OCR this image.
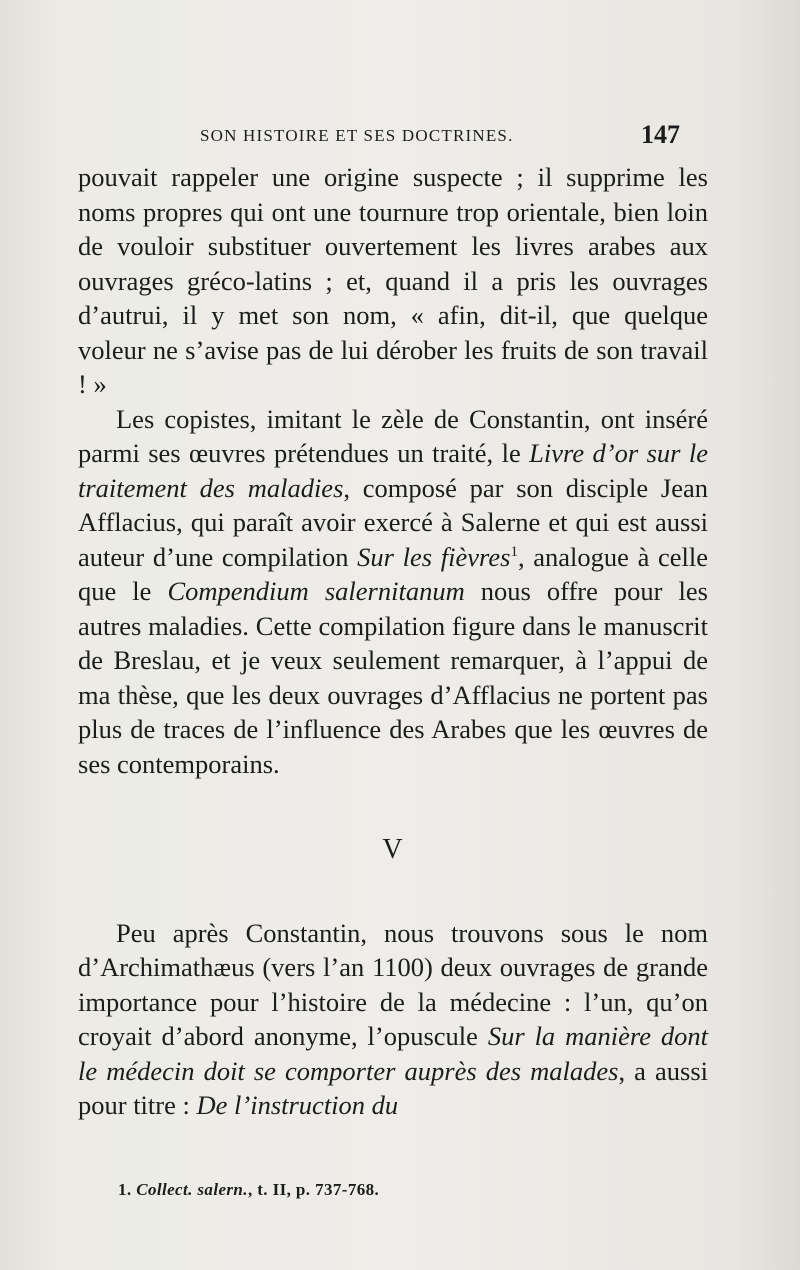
SON HISTOIRE ET SES DOCTRINES.	147

pouvait rappeler une origine suspecte ; il supprime les noms propres qui ont une tournure trop orientale, bien loin de vouloir substituer ouvertement les livres arabes aux ouvrages gréco-latins ; et, quand il a pris les ouvrages d’autrui, il y met son nom, « afin, dit-il, que quelque voleur ne s’avise pas de lui dérober les fruits de son travail ! »

Les copistes, imitant le zèle de Constantin, ont inséré parmi ses œuvres prétendues un traité, le Livre d’or sur le traitement des maladies, composé par son disciple Jean Afflacius, qui paraît avoir exercé à Salerne et qui est aussi auteur d’une compilation Sur les fièvres$^1$, analogue à celle que le Compendium salernitanum nous offre pour les autres maladies. Cette compilation figure dans le manuscrit de Breslau, et je veux seulement remarquer, à l’appui de ma thèse, que les deux ouvrages d’Afflacius ne portent pas plus de traces de l’influence des Arabes que les œuvres de ses contemporains.

V

Peu après Constantin, nous trouvons sous le nom d’Archimathæus (vers l’an 1100) deux ouvrages de grande importance pour l’histoire de la médecine : l’un, qu’on croyait d’abord anonyme, l’opuscule Sur la manière dont le médecin doit se comporter auprès des malades, a aussi pour titre : De l’instruction du

1. Collect. salern., t. II, p. 737-768.
